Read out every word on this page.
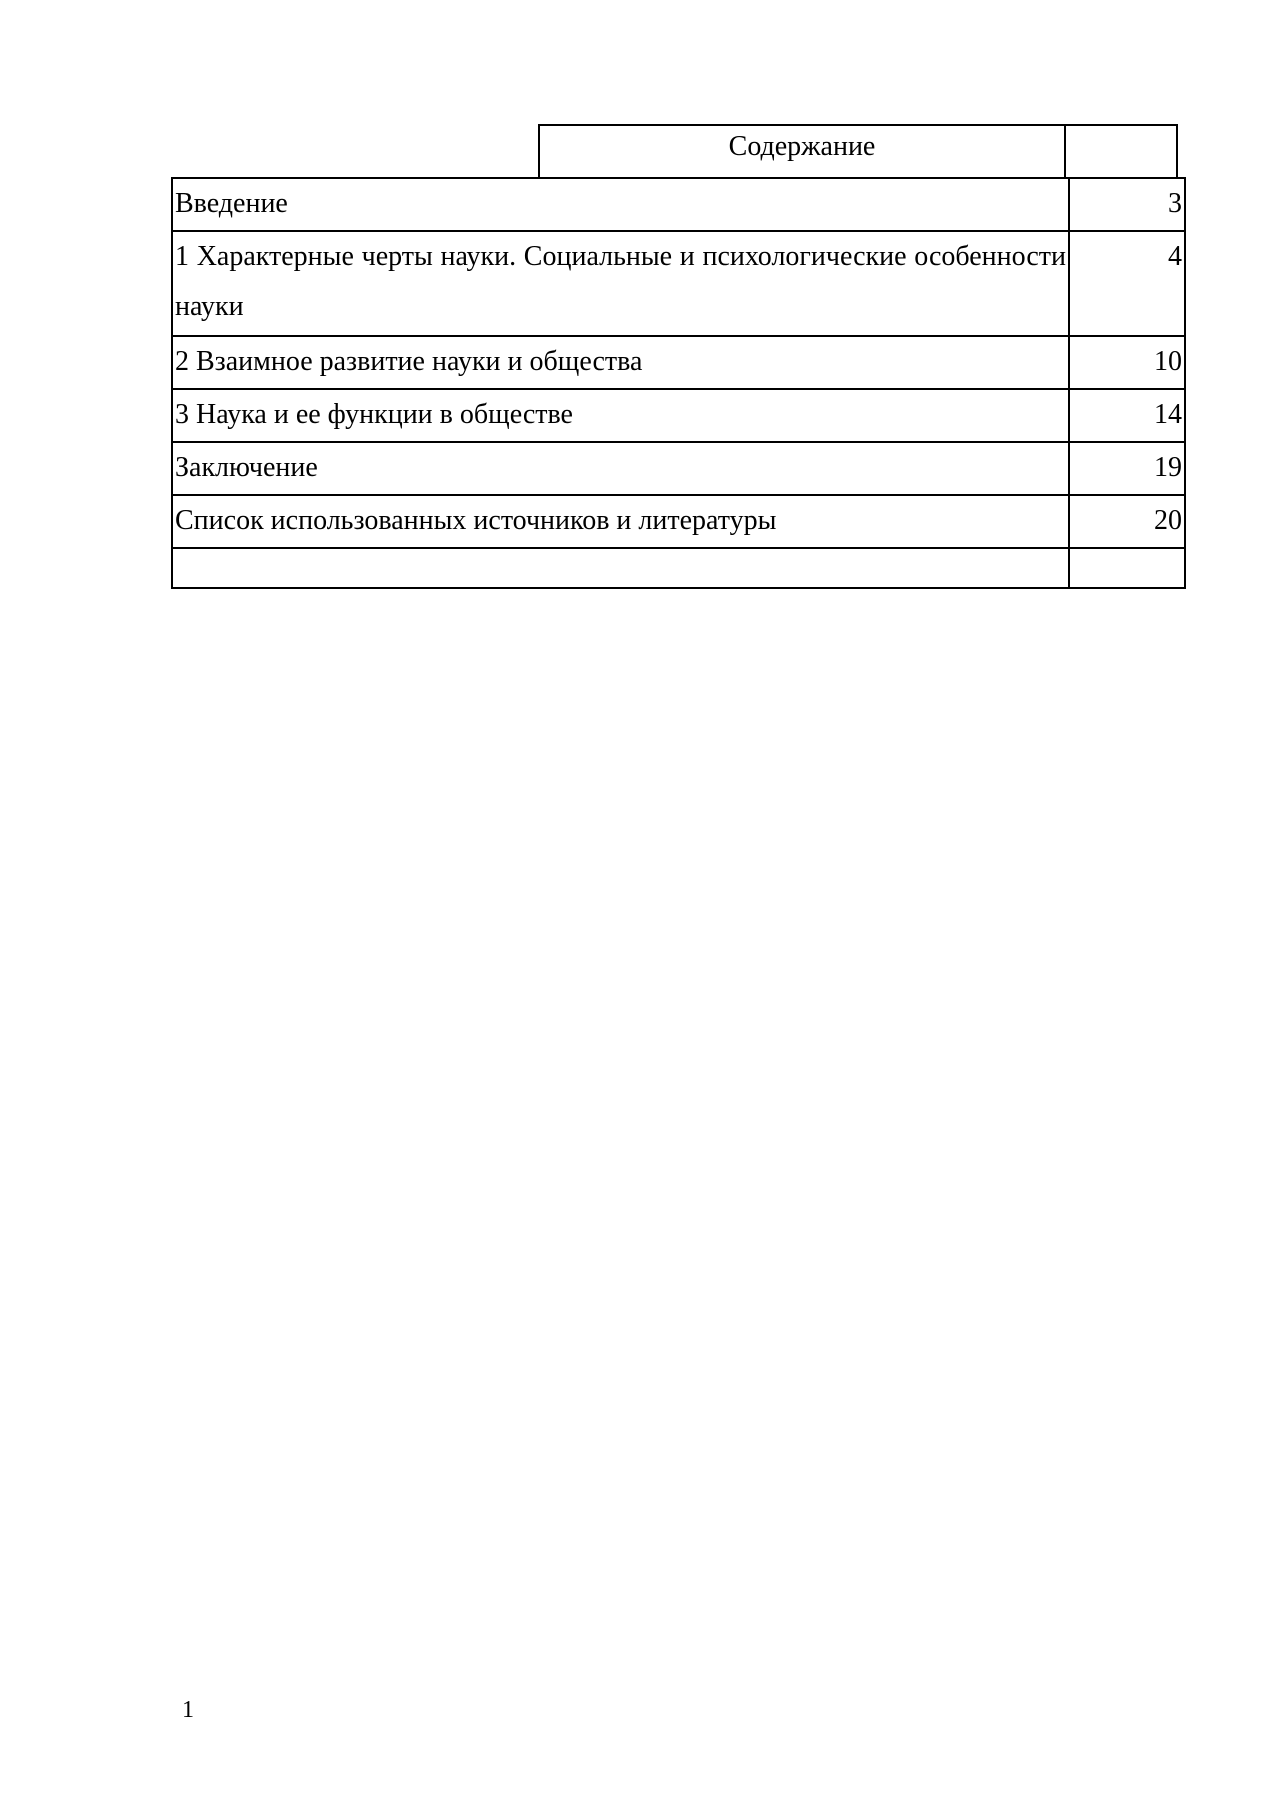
Содержание
Введение	3
1 Характерные черты науки. Социальные и психологические особенности науки	4
2 Взаимное развитие науки и общества	10
3 Наука и ее функции в обществе	14
Заключение	19
Список использованных источников и литературы	20

1
